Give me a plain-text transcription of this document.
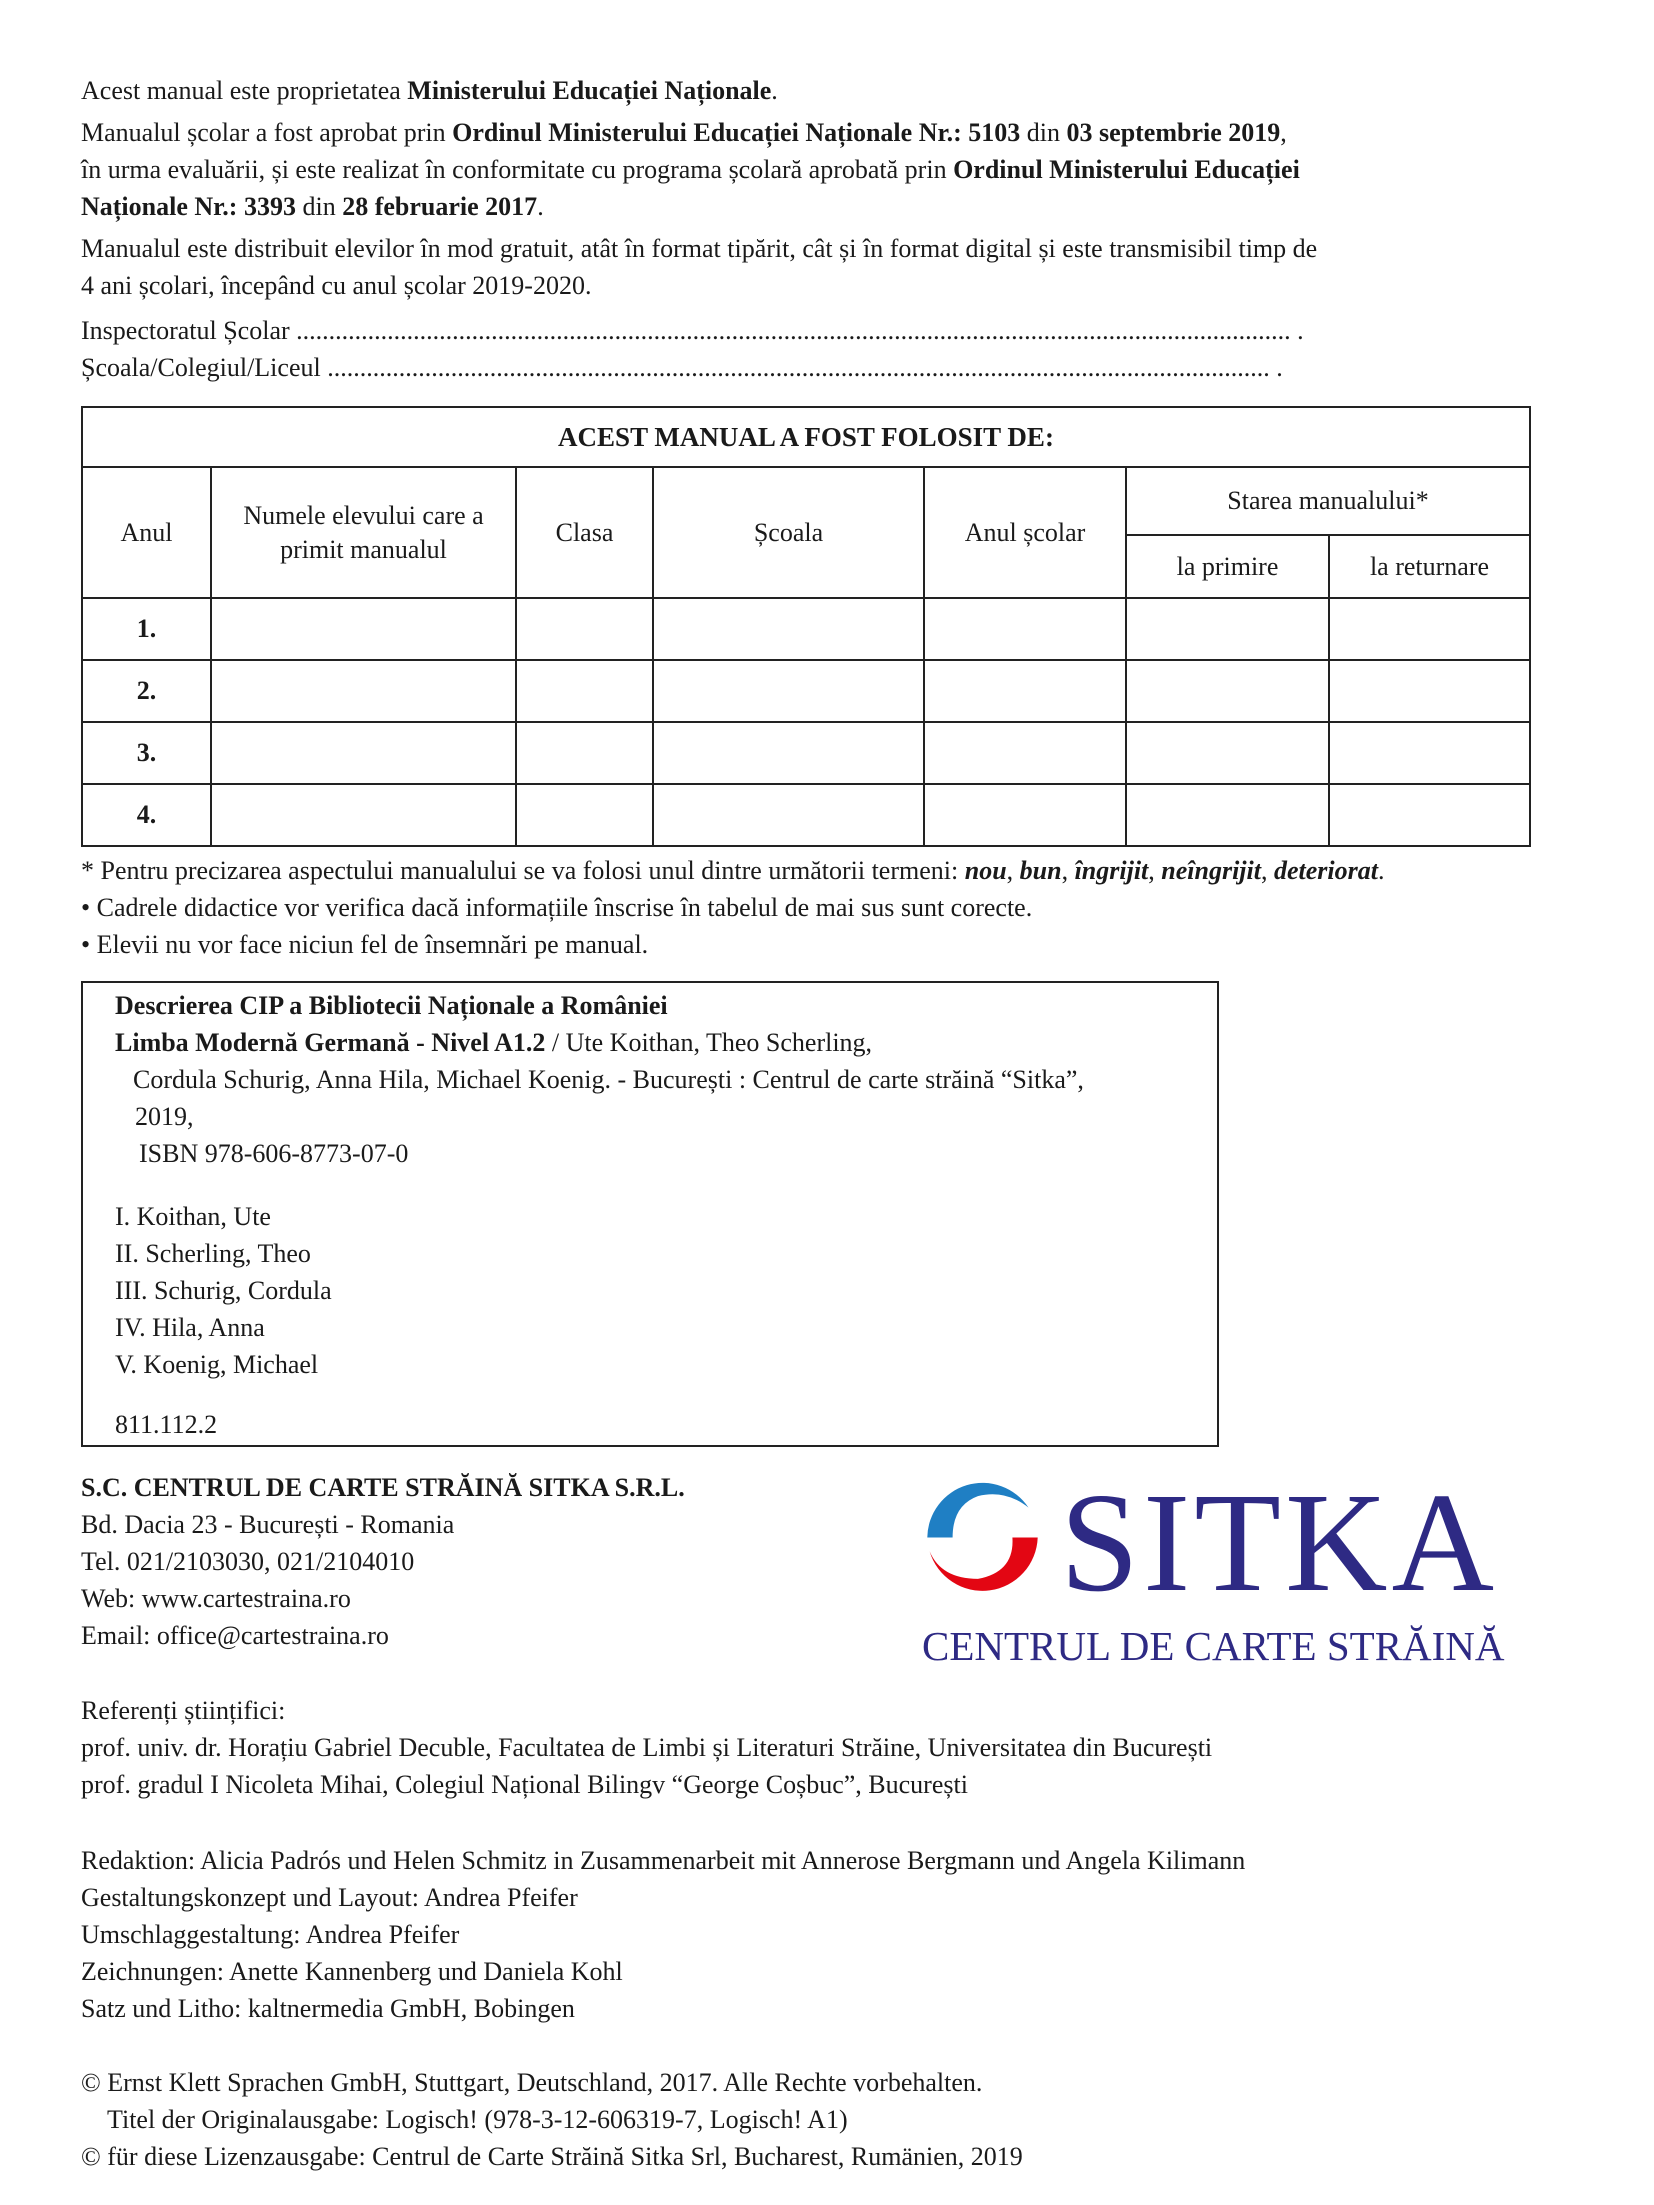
Acest manual este proprietatea Ministerului Educației Naționale.

Manualul școlar a fost aprobat prin Ordinul Ministerului Educației Naționale Nr.: 5103 din 03 septembrie 2019,

în urma evaluării, și este realizat în conformitate cu programa școlară aprobată prin Ordinul Ministerului Educației

Naționale Nr.: 3393 din 28 februarie 2017.

Manualul este distribuit elevilor în mod gratuit, atât în format tipărit, cât și în format digital și este transmisibil timp de

4 ani școlari, începând cu anul școlar 2019-2020.

Inspectoratul Școlar ......................................................................................................................................................... .

Școala/Colegiul/Liceul ................................................................................................................................................. .

ACEST MANUAL A FOST FOLOSIT DE:						
Anul	Numele elevului care a primit manualul	Clasa	Școala	Anul școlar	Starea manualului*	
					la primire	la returnare
1.						
2.						
3.						
4.						

* Pentru precizarea aspectului manualului se va folosi unul dintre următorii termeni: nou, bun, îngrijit, neîngrijit, deteriorat.

• Cadrele didactice vor verifica dacă informațiile înscrise în tabelul de mai sus sunt corecte.

• Elevii nu vor face niciun fel de însemnări pe manual.

Descrierea CIP a Bibliotecii Naționale a României

Limba Modernă Germană - Nivel A1.2 / Ute Koithan, Theo Scherling,

Cordula Schurig, Anna Hila, Michael Koenig. - București : Centrul de carte străină “Sitka”,

2019,

ISBN 978-606-8773-07-0

I. Koithan, Ute

II. Scherling, Theo

III. Schurig, Cordula

IV. Hila, Anna

V. Koenig, Michael

811.112.2

S.C. CENTRUL DE CARTE STRĂINĂ SITKA S.R.L.

Bd. Dacia 23 - București - Romania

Tel. 021/2103030, 021/2104010

Web: www.cartestraina.ro

Email: office@cartestraina.ro

SITKA
CENTRUL DE CARTE STRĂINĂ

Referenți științifici:

prof. univ. dr. Horațiu Gabriel Decuble, Facultatea de Limbi și Literaturi Străine, Universitatea din București

prof. gradul I Nicoleta Mihai, Colegiul Național Bilingv “George Coșbuc”, București

Redaktion: Alicia Padrós und Helen Schmitz in Zusammenarbeit mit Annerose Bergmann und Angela Kilimann

Gestaltungskonzept und Layout: Andrea Pfeifer

Umschlaggestaltung: Andrea Pfeifer

Zeichnungen: Anette Kannenberg und Daniela Kohl

Satz und Litho: kaltnermedia GmbH, Bobingen

© Ernst Klett Sprachen GmbH, Stuttgart, Deutschland, 2017. Alle Rechte vorbehalten.

Titel der Originalausgabe: Logisch! (978-3-12-606319-7, Logisch! A1)

© für diese Lizenzausgabe: Centrul de Carte Străină Sitka Srl, Bucharest, Rumänien, 2019
